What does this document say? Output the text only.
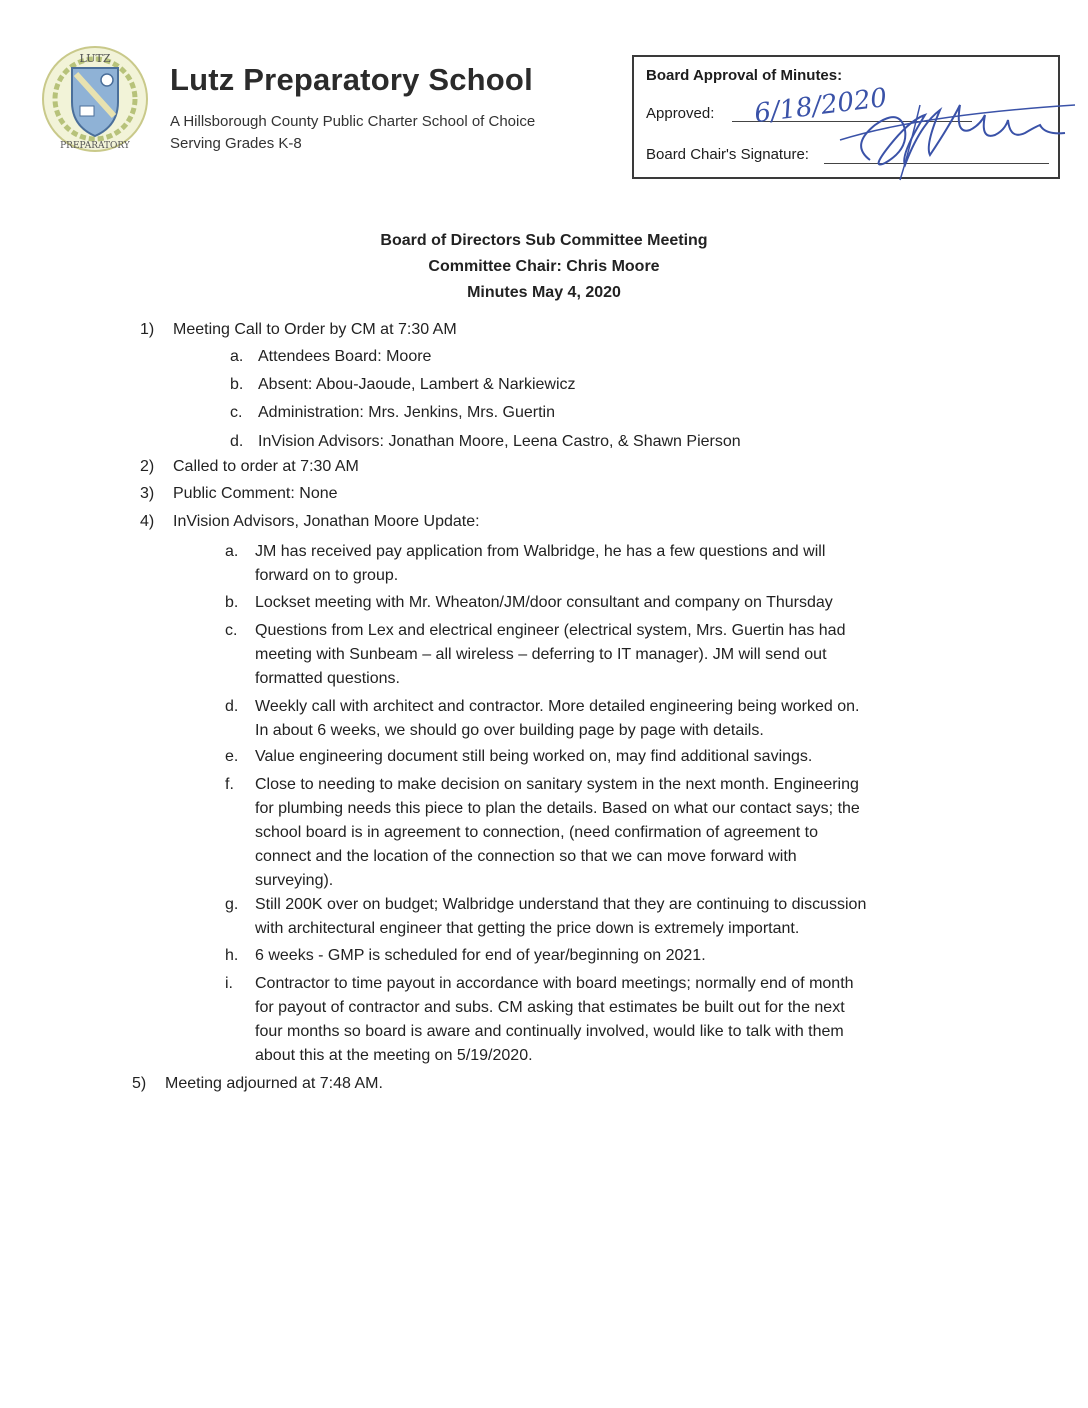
LUTZ
PREPARATORY
Lutz Preparatory School
A Hillsborough County Public Charter School of Choice
Serving Grades K-8
Board Approval of Minutes:
Approved: 6/18/2020
Board Chair's Signature:
Board of Directors Sub Committee Meeting
Committee Chair: Chris Moore
Minutes May 4, 2020
1) Meeting Call to Order by CM at 7:30 AM
a. Attendees Board: Moore
b. Absent: Abou-Jaoude, Lambert & Narkiewicz
c. Administration: Mrs. Jenkins, Mrs. Guertin
d. InVision Advisors: Jonathan Moore, Leena Castro, & Shawn Pierson
2) Called to order at 7:30 AM
3) Public Comment: None
4) InVision Advisors, Jonathan Moore Update:
a.	JM has received pay application from Walbridge, he has a few questions and will
forward on to group.
b.	Lockset meeting with Mr. Wheaton/JM/door consultant and company on Thursday
c.	Questions from Lex and electrical engineer (electrical system, Mrs. Guertin has had
meeting with Sunbeam – all wireless – deferring to IT manager). JM will send out
formatted questions.
d.	Weekly call with architect and contractor. More detailed engineering being worked on.
In about 6 weeks, we should go over building page by page with details.
e.	Value engineering document still being worked on, may find additional savings.
f.	Close to needing to make decision on sanitary system in the next month. Engineering
for plumbing needs this piece to plan the details. Based on what our contact says; the
school board is in agreement to connection, (need confirmation of agreement to
connect and the location of the connection so that we can move forward with
surveying).
g.	Still 200K over on budget; Walbridge understand that they are continuing to discussion
with architectural engineer that getting the price down is extremely important.
h.	6 weeks - GMP is scheduled for end of year/beginning on 2021.
i.	Contractor to time payout in accordance with board meetings; normally end of month
for payout of contractor and subs. CM asking that estimates be built out for the next
four months so board is aware and continually involved, would like to talk with them
about this at the meeting on 5/19/2020.
5) Meeting adjourned at 7:48 AM.
